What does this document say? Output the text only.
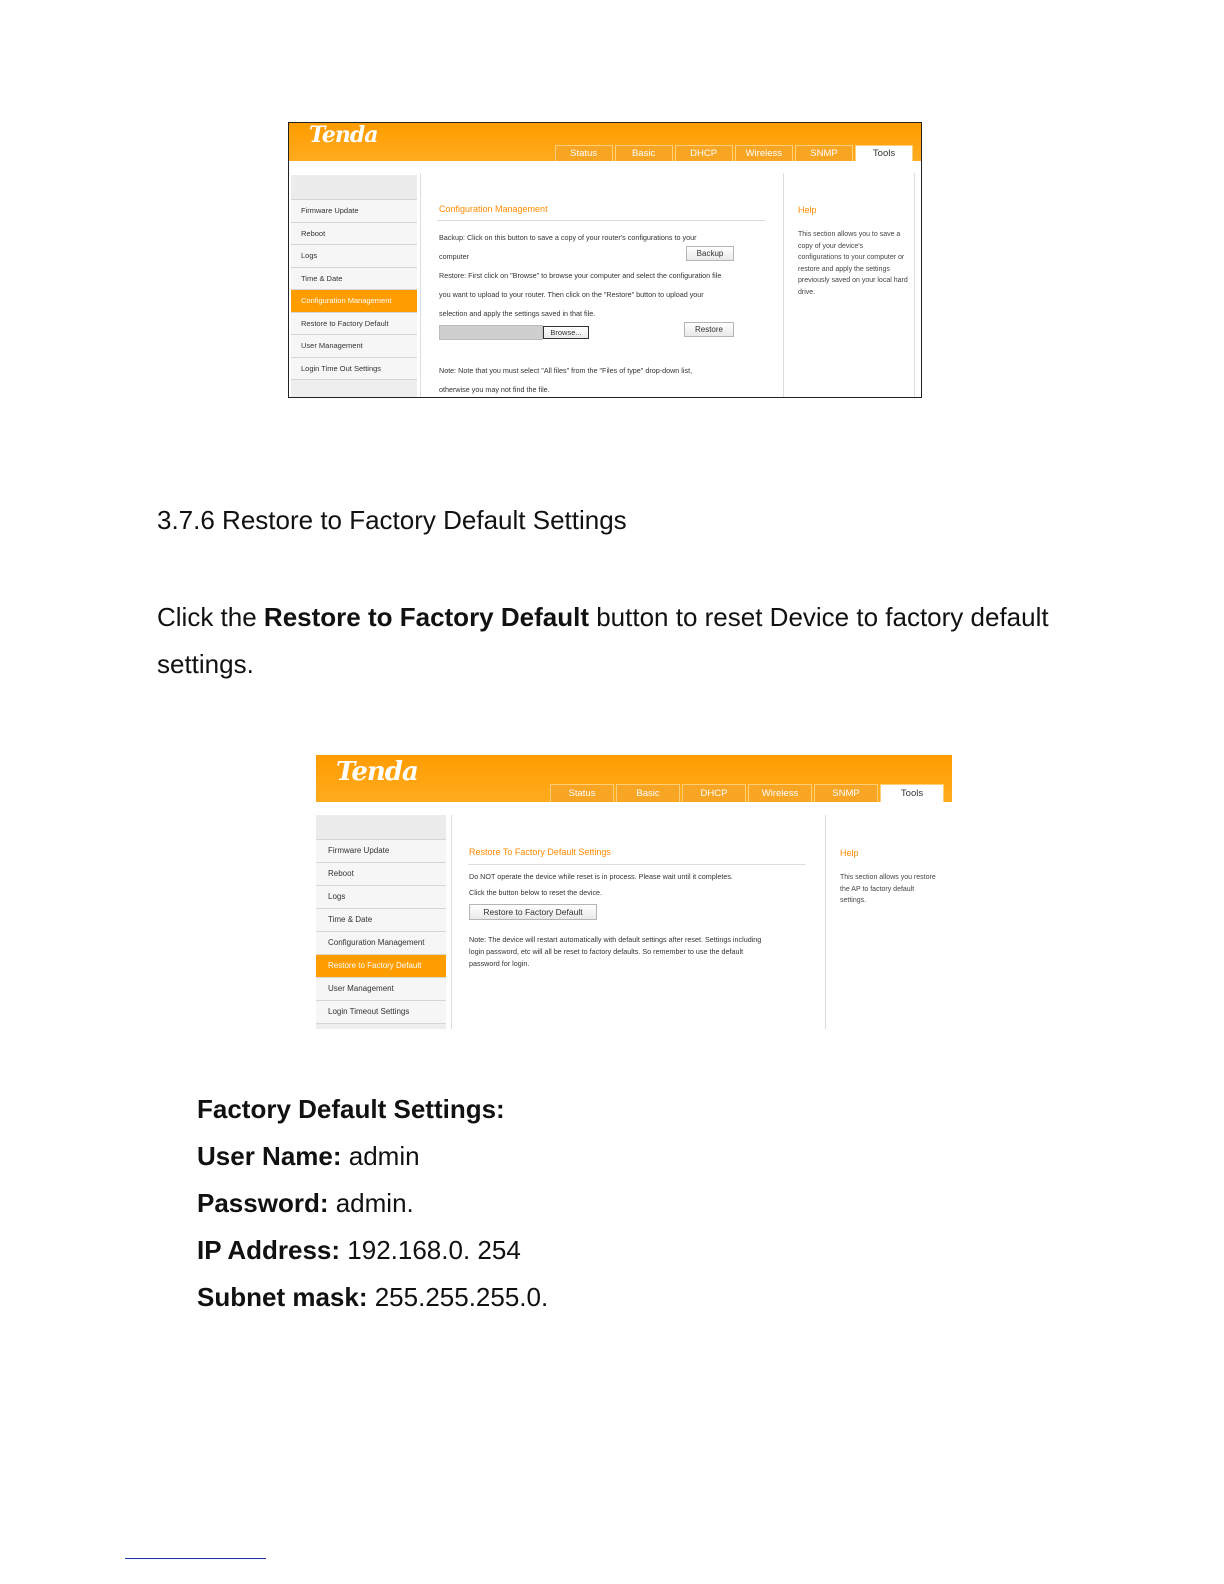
Tenda
Status	Basic	DHCP	Wireless	SNMP	Tools
Firmware Update
Reboot
Logs
Time & Date
Configuration Management
Restore to Factory Default
User Management
Login Time Out Settings
Configuration Management
Backup: Click on this button to save a copy of your router's configurations to your
computer	Backup
Restore: First click on "Browse" to browse your computer and select the configuration file
you want to upload to your router. Then click on the "Restore" button to upload your
selection and apply the settings saved in that file.
Browse...	Restore
Note: Note that you must select "All files" from the "Files of type" drop-down list,
otherwise you may not find the file.
Help
This section allows you to save a copy of your device's configurations to your computer or restore and apply the settings previously saved on your local hard drive.
3.7.6 Restore to Factory Default Settings
Click the Restore to Factory Default button to reset Device to factory default settings.
Tenda
Status	Basic	DHCP	Wireless	SNMP	Tools
Firmware Update
Reboot
Logs
Time & Date
Configuration Management
Restore to Factory Default
User Management
Login Timeout Settings
Restore To Factory Default Settings
Do NOT operate the device while reset is in process. Please wait until it completes.
Click the button below to reset the device.
Restore to Factory Default
Note: The device will restart automatically with default settings after reset. Settings including
login password, etc will all be reset to factory defaults. So remember to use the default
password for login.
Help
This section allows you restore the AP to factory default settings.
Factory Default Settings:
User Name: admin
Password: admin.
IP Address: 192.168.0. 254
Subnet mask: 255.255.255.0.
